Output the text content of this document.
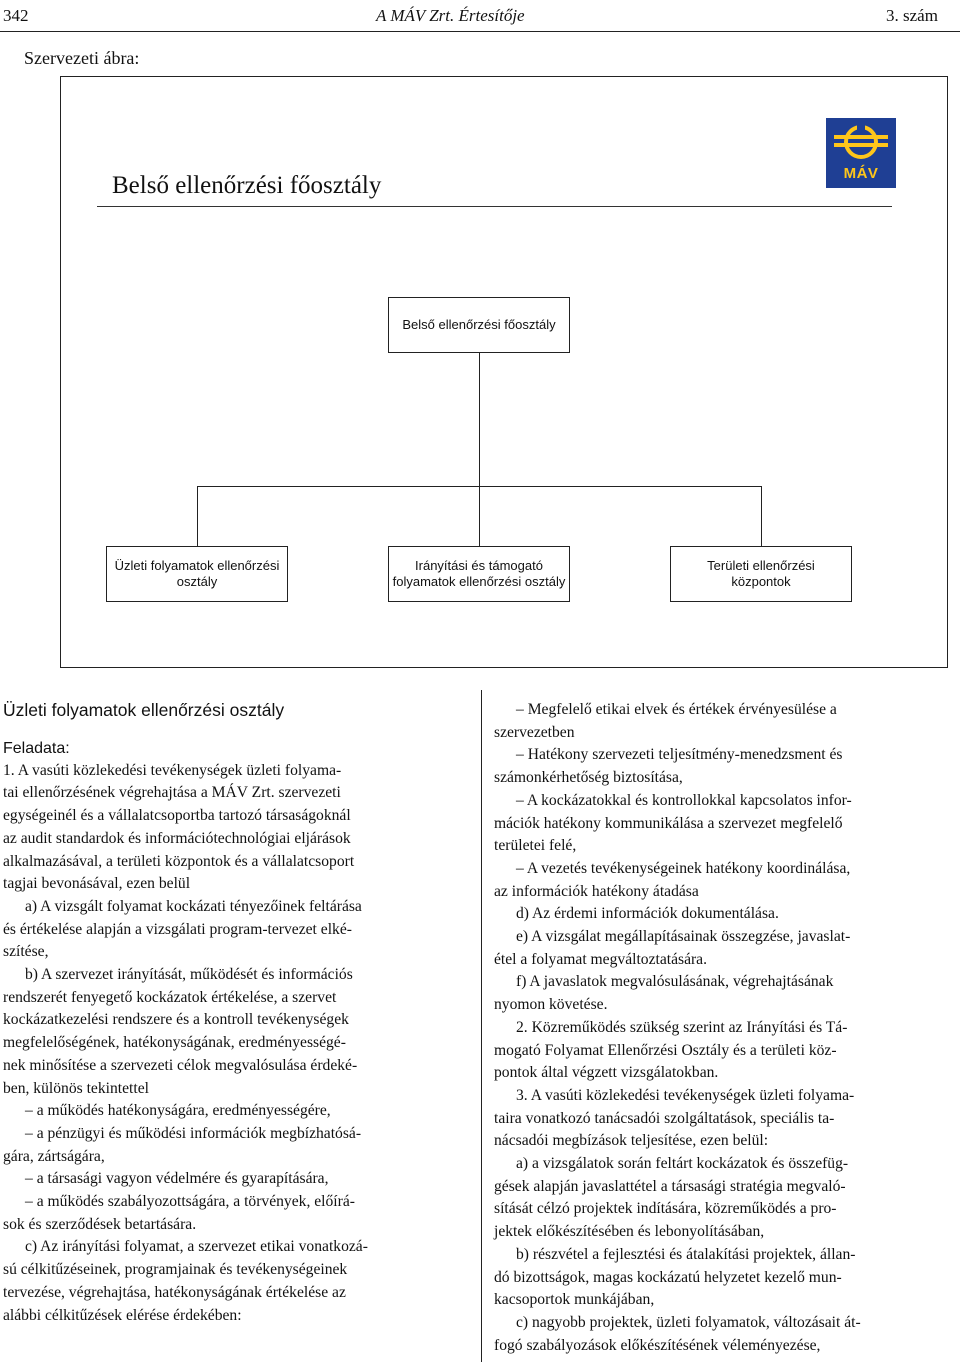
342	A MÁV Zrt. Értesítője	3. szám
Szervezeti ábra:
Belső ellenőrzési főosztály	MÁV
Belső ellenőrzési főosztály
Üzleti folyamatok ellenőrzési
osztály
Irányítási és támogató
folyamatok ellenőrzési osztály
Területi ellenőrzési
központok
Üzleti folyamatok ellenőrzési osztály
Feladata:

1. A vasúti közlekedési tevékenységek üzleti folyama-

tai ellenőrzésének végrehajtása a MÁV Zrt. szervezeti

egységeinél és a vállalatcsoportba tartozó társaságoknál

az audit standardok és információtechnológiai eljárások

alkalmazásával, a területi központok és a vállalatcsoport

tagjai bevonásával, ezen belül

a) A vizsgált folyamat kockázati tényezőinek feltárása

és értékelése alapján a vizsgálati program-tervezet elké-

szítése,

b) A szervezet irányítását, működését és információs

rendszerét fenyegető kockázatok értékelése, a szervet

kockázatkezelési rendszere és a kontroll tevékenységek

megfelelőségének, hatékonyságának, eredményességé-

nek minősítése a szervezeti célok megvalósulása érdeké-

ben, különös tekintettel

– a működés hatékonyságára, eredményességére,

– a pénzügyi és működési információk megbízhatósá-

gára, zártságára,

– a társasági vagyon védelmére és gyarapítására,

– a működés szabályozottságára, a törvények, előírá-

sok és szerződések betartására.

c) Az irányítási folyamat, a szervezet etikai vonatkozá-

sú célkitűzéseinek, programjainak és tevékenységeinek

tervezése, végrehajtása, hatékonyságának értékelése az

alábbi célkitűzések elérése érdekében:

– Megfelelő etikai elvek és értékek érvényesülése a

szervezetben

– Hatékony szervezeti teljesítmény-menedzsment és

számonkérhetőség biztosítása,

– A kockázatokkal és kontrollokkal kapcsolatos infor-

mációk hatékony kommunikálása a szervezet megfelelő

területei felé,

– A vezetés tevékenységeinek hatékony koordinálása,

az információk hatékony átadása

d) Az érdemi információk dokumentálása.

e) A vizsgálat megállapításainak összegzése, javaslat-

étel a folyamat megváltoztatására.

f) A javaslatok megvalósulásának, végrehajtásának

nyomon követése.

2. Közreműködés szükség szerint az Irányítási és Tá-

mogató Folyamat Ellenőrzési Osztály és a területi köz-

pontok által végzett vizsgálatokban.

3. A vasúti közlekedési tevékenységek üzleti folyama-

taira vonatkozó tanácsadói szolgáltatások, speciális ta-

nácsadói megbízások teljesítése, ezen belül:

a) a vizsgálatok során feltárt kockázatok és összefüg-

gések alapján javaslattétel a társasági stratégia megvaló-

sítását célzó projektek indítására, közreműködés a pro-

jektek előkészítésében és lebonyolításában,

b) részvétel a fejlesztési és átalakítási projektek, állan-

dó bizottságok, magas kockázatú helyzetet kezelő mun-

kacsoportok munkájában,

c) nagyobb projektek, üzleti folyamatok, változásait át-

fogó szabályozások előkészítésének véleményezése,
